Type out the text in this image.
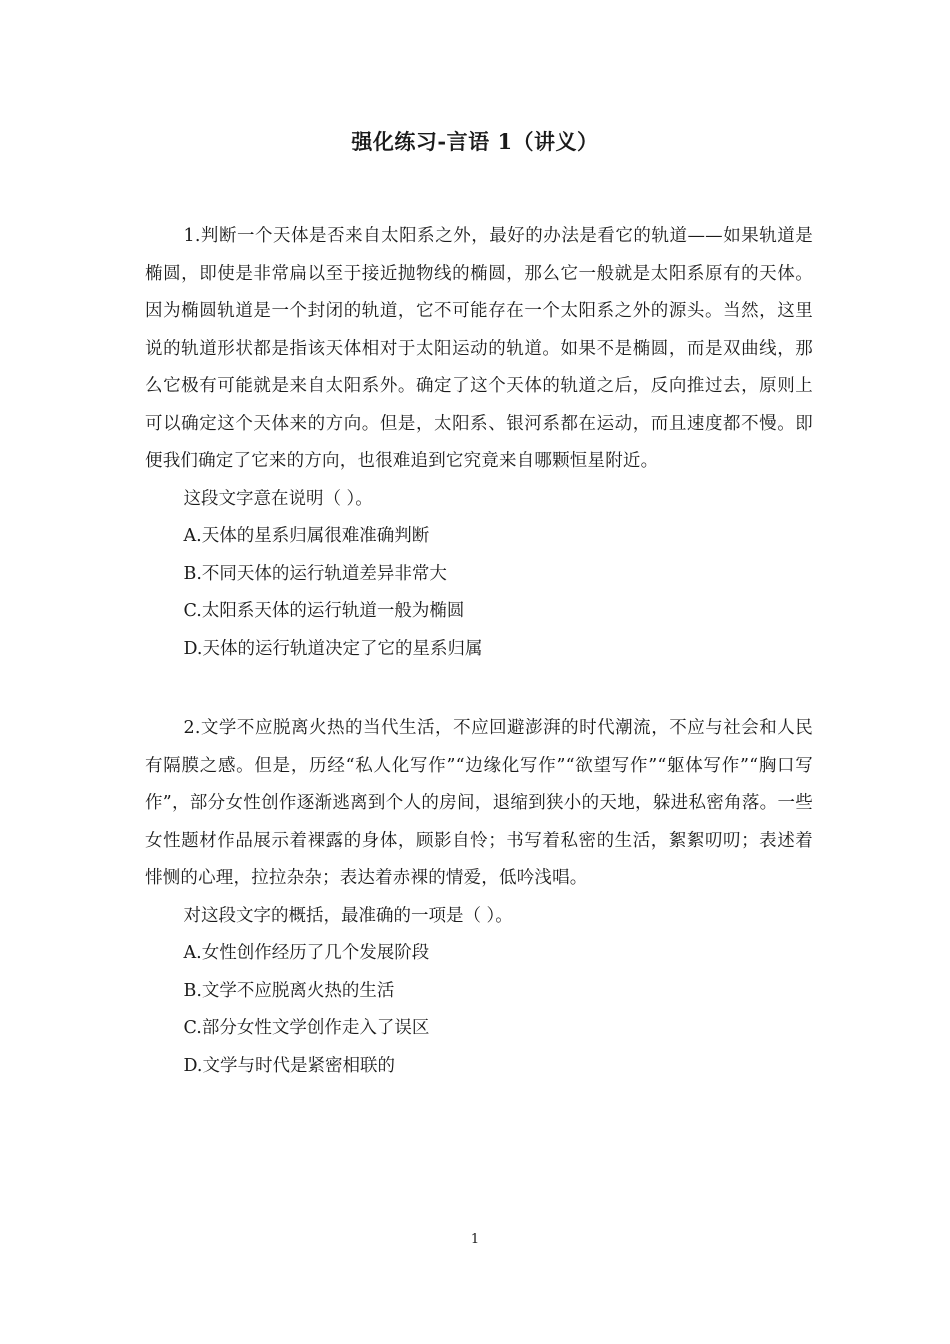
强化练习-言语 1（讲义）

1.判断一个天体是否来自太阳系之外，最好的办法是看它的轨道——如果轨道是椭圆，即使是非常扁以至于接近抛物线的椭圆，那么它一般就是太阳系原有的天体。因为椭圆轨道是一个封闭的轨道，它不可能存在一个太阳系之外的源头。当然，这里说的轨道形状都是指该天体相对于太阳运动的轨道。如果不是椭圆，而是双曲线，那么它极有可能就是来自太阳系外。确定了这个天体的轨道之后，反向推过去，原则上可以确定这个天体来的方向。但是，太阳系、银河系都在运动，而且速度都不慢。即便我们确定了它来的方向，也很难追到它究竟来自哪颗恒星附近。

这段文字意在说明（ ）。

A.天体的星系归属很难准确判断

B.不同天体的运行轨道差异非常大

C.太阳系天体的运行轨道一般为椭圆

D.天体的运行轨道决定了它的星系归属

2.文学不应脱离火热的当代生活，不应回避澎湃的时代潮流，不应与社会和人民有隔膜之感。但是，历经“私人化写作”“边缘化写作”“欲望写作”“躯体写作”“胸口写作”，部分女性创作逐渐逃离到个人的房间，退缩到狭小的天地，躲进私密角落。一些女性题材作品展示着裸露的身体，顾影自怜；书写着私密的生活，絮絮叨叨；表述着悱恻的心理，拉拉杂杂；表达着赤裸的情爱，低吟浅唱。

对这段文字的概括，最准确的一项是（ ）。

A.女性创作经历了几个发展阶段

B.文学不应脱离火热的生活

C.部分女性文学创作走入了误区

D.文学与时代是紧密相联的

1
